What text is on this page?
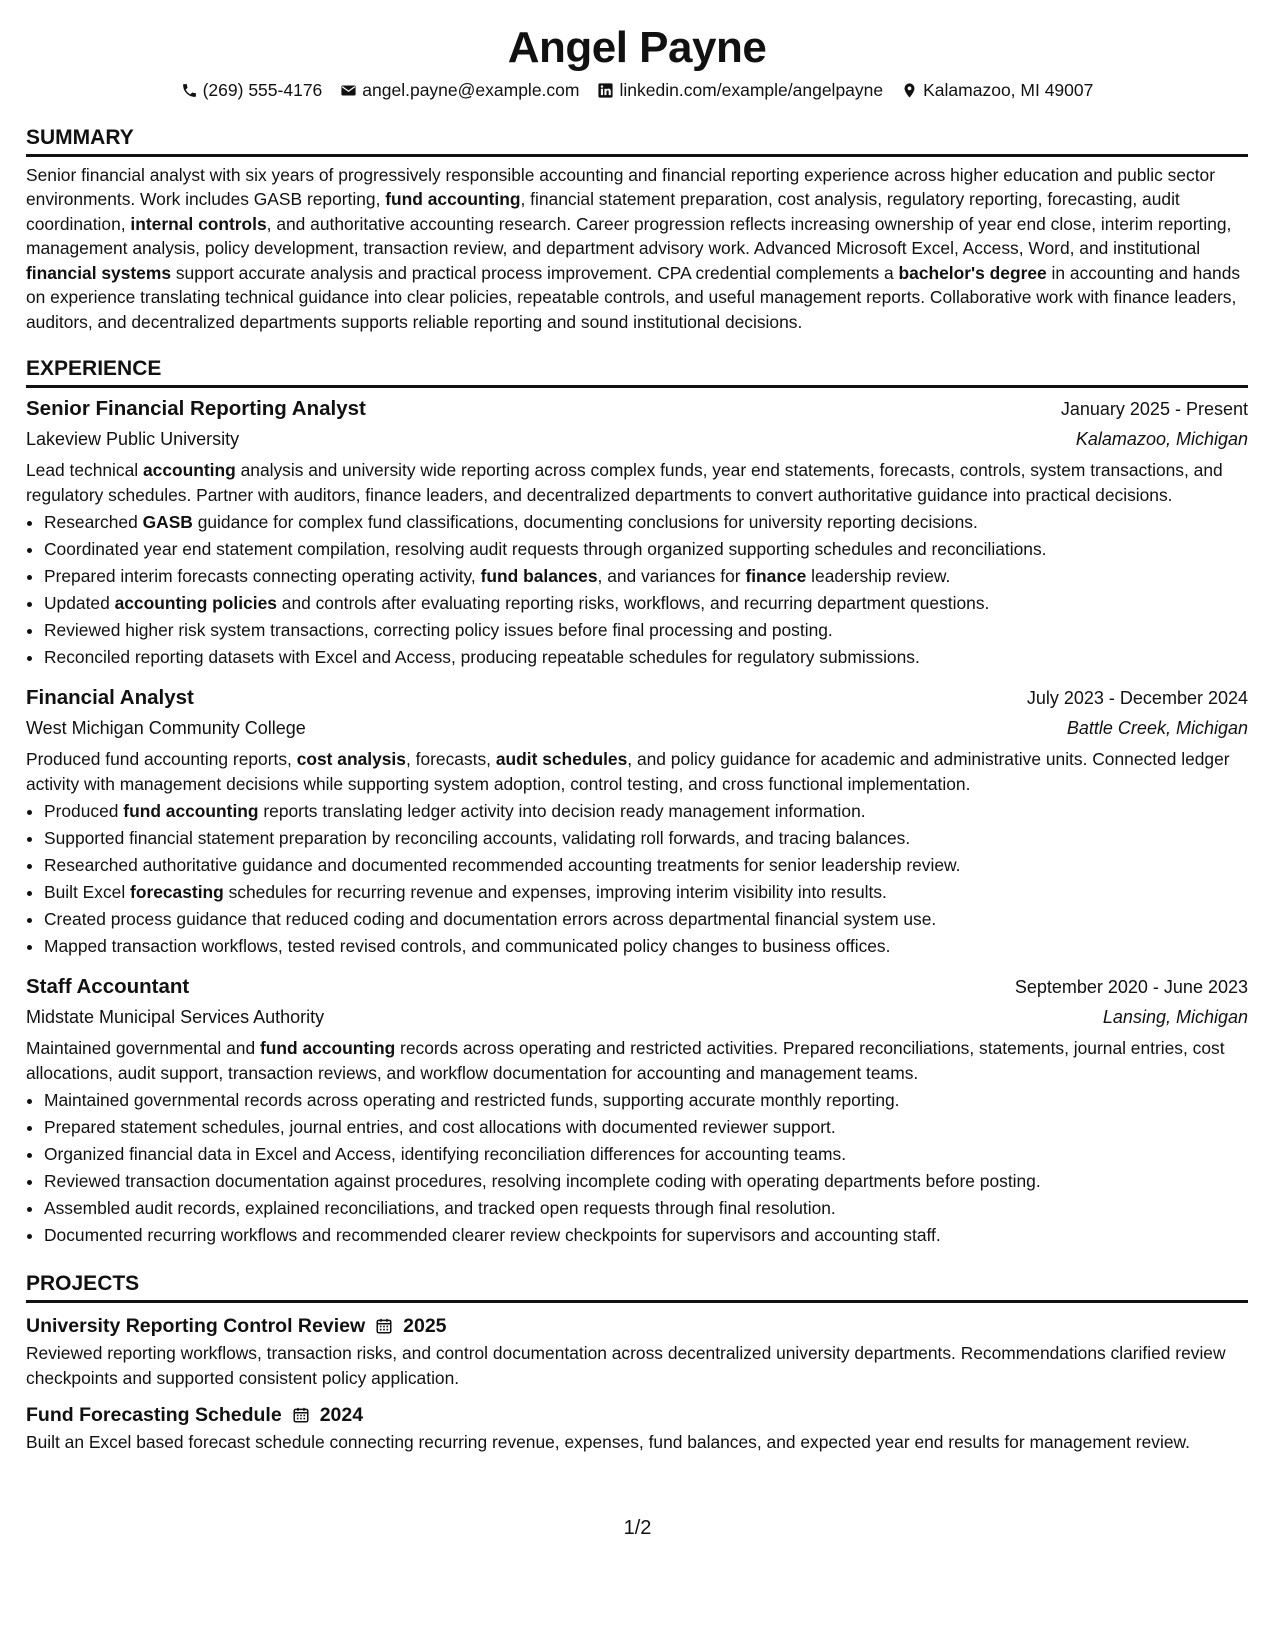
Angel Payne
(269) 555-4176 angel.payne@example.com linkedin.com/example/angelpayne Kalamazoo, MI 49007
SUMMARY

Senior financial analyst with six years of progressively responsible accounting and financial reporting experience across higher education and public sector environments. Work includes GASB reporting, fund accounting, financial statement preparation, cost analysis, regulatory reporting, forecasting, audit coordination, internal controls, and authoritative accounting research. Career progression reflects increasing ownership of year end close, interim reporting, management analysis, policy development, transaction review, and department advisory work. Advanced Microsoft Excel, Access, Word, and institutional financial systems support accurate analysis and practical process improvement. CPA credential complements a bachelor's degree in accounting and hands on experience translating technical guidance into clear policies, repeatable controls, and useful management reports. Collaborative work with finance leaders, auditors, and decentralized departments supports reliable reporting and sound institutional decisions.

EXPERIENCE
Senior Financial Reporting Analyst	January 2025 - Present
Lakeview Public University	Kalamazoo, Michigan

Lead technical accounting analysis and university wide reporting across complex funds, year end statements, forecasts, controls, system transactions, and regulatory schedules. Partner with auditors, finance leaders, and decentralized departments to convert authoritative guidance into practical decisions.

• Researched GASB guidance for complex fund classifications, documenting conclusions for university reporting decisions.
• Coordinated year end statement compilation, resolving audit requests through organized supporting schedules and reconciliations.
• Prepared interim forecasts connecting operating activity, fund balances, and variances for finance leadership review.
• Updated accounting policies and controls after evaluating reporting risks, workflows, and recurring department questions.
• Reviewed higher risk system transactions, correcting policy issues before final processing and posting.
• Reconciled reporting datasets with Excel and Access, producing repeatable schedules for regulatory submissions.
Financial Analyst	July 2023 - December 2024
West Michigan Community College	Battle Creek, Michigan

Produced fund accounting reports, cost analysis, forecasts, audit schedules, and policy guidance for academic and administrative units. Connected ledger activity with management decisions while supporting system adoption, control testing, and cross functional implementation.

• Produced fund accounting reports translating ledger activity into decision ready management information.
• Supported financial statement preparation by reconciling accounts, validating roll forwards, and tracing balances.
• Researched authoritative guidance and documented recommended accounting treatments for senior leadership review.
• Built Excel forecasting schedules for recurring revenue and expenses, improving interim visibility into results.
• Created process guidance that reduced coding and documentation errors across departmental financial system use.
• Mapped transaction workflows, tested revised controls, and communicated policy changes to business offices.
Staff Accountant	September 2020 - June 2023
Midstate Municipal Services Authority	Lansing, Michigan

Maintained governmental and fund accounting records across operating and restricted activities. Prepared reconciliations, statements, journal entries, cost allocations, audit support, transaction reviews, and workflow documentation for accounting and management teams.

• Maintained governmental records across operating and restricted funds, supporting accurate monthly reporting.
• Prepared statement schedules, journal entries, and cost allocations with documented reviewer support.
• Organized financial data in Excel and Access, identifying reconciliation differences for accounting teams.
• Reviewed transaction documentation against procedures, resolving incomplete coding with operating departments before posting.
• Assembled audit records, explained reconciliations, and tracked open requests through final resolution.
• Documented recurring workflows and recommended clearer review checkpoints for supervisors and accounting staff.
PROJECTS
University Reporting Control Review 2025

Reviewed reporting workflows, transaction risks, and control documentation across decentralized university departments. Recommendations clarified review checkpoints and supported consistent policy application.

Fund Forecasting Schedule 2024

Built an Excel based forecast schedule connecting recurring revenue, expenses, fund balances, and expected year end results for management review.

1/2
